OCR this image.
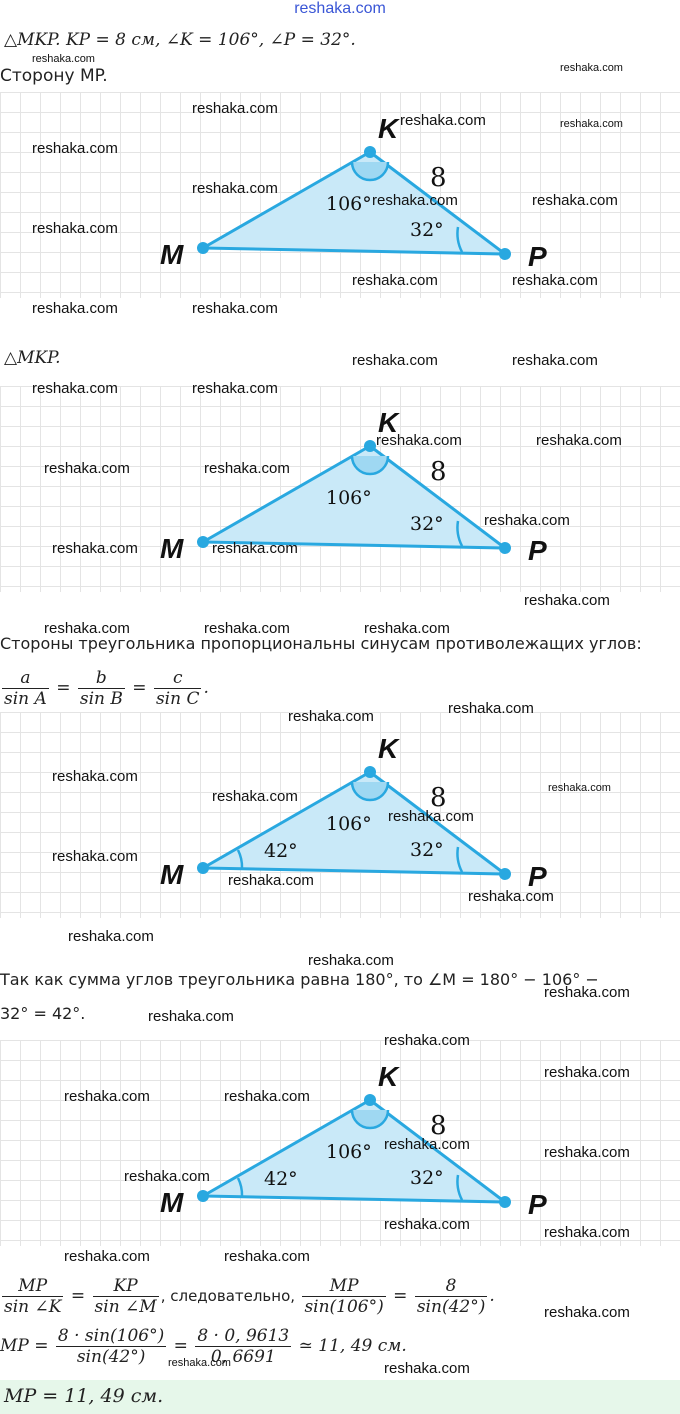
reshaka.com
△MKP. KP = 8 см, ∠K = 106°, ∠P = 32°.
Сторону MP.
M
K
P
8
106°
32°
△MKP.
M
K
P
8
106°
32°
Стороны треугольника пропорциональны синусам противолежащих углов:
$\frac{a}{\text{sin A}} = \frac{b}{\text{sin B}} = \frac{c}{\text{sin C}}$ .
M
K
P
8
106°
32°
42°
Так как сумма углов треугольника равна 180°, то ∠M = 180° − 106° −
32° = 42°.
M
K
P
8
106°
32°
42°
$\frac{MP}{\sin \angle K} = \frac{KP}{\sin \angle M}$ , следовательно, $\frac{MP}{\sin(106^\circ)} = \frac{8}{\sin(42^\circ)}$ .
MP = $\frac{8 \cdot \sin(106^\circ)}{\sin(42^\circ)} = \frac{8 \cdot 0, 9613}{0, 6691}$ ≃ 11, 49 см.
MP = 11, 49 см.
reshaka.com
reshaka.com
reshaka.com
reshaka.com	reshaka.com
reshaka.com
reshaka.com
reshaka.com	reshaka.com
reshaka.com
reshaka.com	reshaka.com
reshaka.com	reshaka.com
reshaka.com	reshaka.com
reshaka.com	reshaka.com
reshaka.com	reshaka.com
reshaka.com	reshaka.com
reshaka.com
reshaka.com	reshaka.com
reshaka.com
reshaka.com	reshaka.com	reshaka.com
reshaka.com
reshaka.com
reshaka.com
reshaka.com
reshaka.com
reshaka.com
reshaka.com
reshaka.com
reshaka.com
reshaka.com
reshaka.com
reshaka.com
reshaka.com
reshaka.com
reshaka.com
reshaka.com	reshaka.com
reshaka.com	reshaka.com
reshaka.com
reshaka.com	reshaka.com
reshaka.com	reshaka.com
reshaka.com
reshaka.com	reshaka.com
